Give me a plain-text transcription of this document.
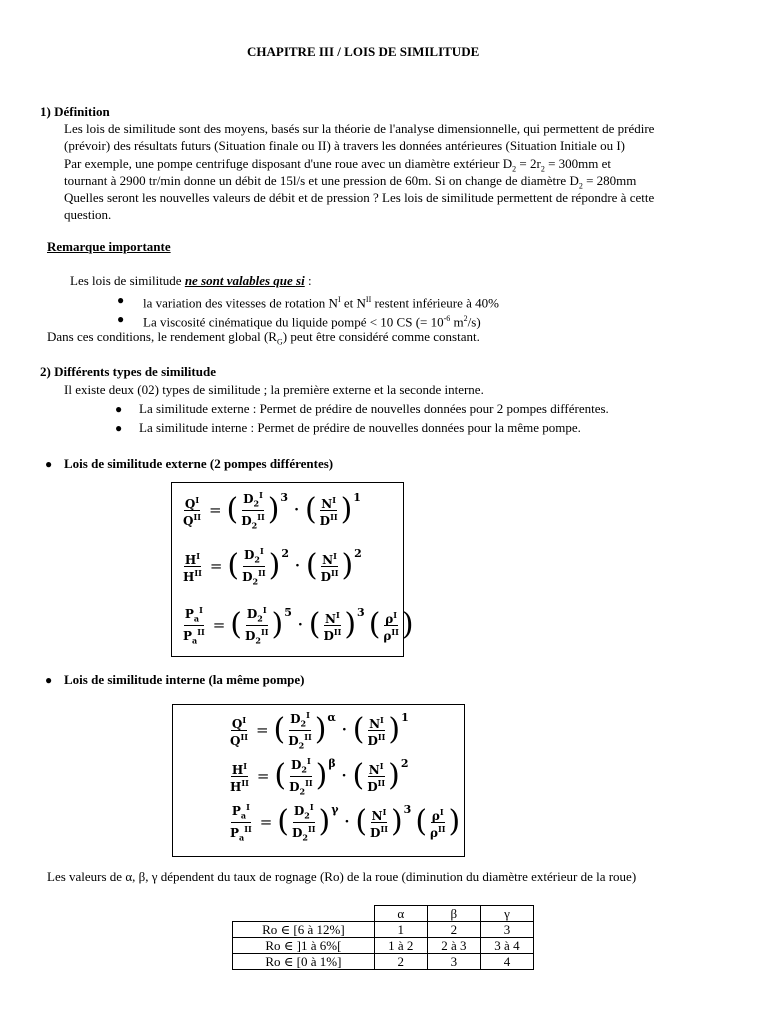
CHAPITRE III / LOIS DE SIMILITUDE
1) Définition
Les lois de similitude sont des moyens, basés sur la théorie de l'analyse dimensionnelle, qui permettent de prédire
(prévoir) des résultats futurs (Situation finale ou II) à travers les données antérieures (Situation Initiale ou I)
Par exemple, une pompe centrifuge disposant d'une roue avec un diamètre extérieur $D_2 = 2r_2 = 300mm$ et
tournant à 2900 tr/min donne un débit de 15l/s et une pression de 60m. Si on change de diamètre $D_2 = 280mm$
Quelles seront les nouvelles valeurs de débit et de pression ? Les lois de similitude permettent de répondre à cette
question.
Remarque importante
Les lois de similitude ne sont valables que si :
● la variation des vitesses de rotation $N^I$ et $N^{II}$ restent inférieure à 40%
● La viscosité cinématique du liquide pompé < 10 CS (= $10^{-6}$ $m^2/s$)
Dans ces conditions, le rendement global $(R_G)$ peut être considéré comme constant.
2) Différents types de similitude
Il existe deux (02) types de similitude ; la première externe et la seconde interne.
● La similitude externe : Permet de prédire de nouvelles données pour 2 pompes différentes.
● La similitude interne : Permet de prédire de nouvelles données pour la même pompe.
● Lois de similitude externe (2 pompes différentes)
$\frac{Q^I}{Q^{II}}$ = ( $\frac{D_2^I}{D_2^{II}}$ ) 3
· ( $\frac{N^I}{D^{II}}$ ) 1
$\frac{H^I}{H^{II}}$ = ( $\frac{D_2^I}{D_2^{II}}$ ) 2
· ( $\frac{N^I}{D^{II}}$ ) 2
$\frac{P_a^I}{P_a^{II}}$ = ( $\frac{D_2^I}{D_2^{II}}$ ) 5
· ( $\frac{N^I}{D^{II}}$ ) 3 ( $\frac{\rho^I}{\rho^{II}}$ )
● Lois de similitude interne (la même pompe)
$\frac{Q^I}{Q^{II}}$ = ( $\frac{D_2^I}{D_2^{II}}$ ) α
· ( $\frac{N^I}{D^{II}}$ ) 1
$\frac{H^I}{H^{II}}$ = ( $\frac{D_2^I}{D_2^{II}}$ ) β
· ( $\frac{N^I}{D^{II}}$ ) 2
$\frac{P_a^I}{P_a^{II}}$ = ( $\frac{D_2^I}{D_2^{II}}$ ) γ
· ( $\frac{N^I}{D^{II}}$ ) 3 ( $\frac{\rho^I}{\rho^{II}}$ )
Les valeurs de α, β, γ dépendent du taux de rognage (Ro) de la roue (diminution du diamètre extérieur de la roue)
	α	β	γ
Ro ∈ [6 à 12%]	1	2	3
Ro ∈ ]1 à 6%[	1 à 2	2 à 3	3 à 4
Ro ∈ [0 à 1%]	2	3	4
